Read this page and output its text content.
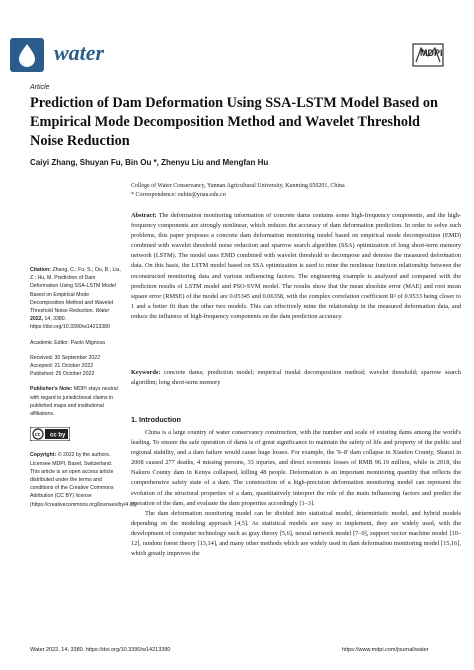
water	MDPI
Article
Prediction of Dam Deformation Using SSA-LSTM Model Based on Empirical Mode Decomposition Method and Wavelet Threshold Noise Reduction
Caiyi Zhang, Shuyan Fu, Bin Ou *, Zhenyu Liu and Mengfan Hu
College of Water Conservancy, Yunnan Agricultural University, Kunming 650201, China
* Correspondence: oubin@ynau.edu.cn
Abstract: The deformation monitoring information of concrete dams contains some high-frequency components, and the high-frequency components are strongly nonlinear, which reduces the accuracy of dam deformation prediction. In order to solve such problems, this paper proposes a concrete dam deformation monitoring model based on empirical mode decomposition (EMD) combined with wavelet threshold noise reduction and sparrow search algorithm (SSA) optimization of long short-term memory network (LSTM). The model uses EMD combined with wavelet threshold to decompose and denoise the measured deformation data. On this basis, the LSTM model based on SSA optimization is used to mine the nonlinear function relationship between the reconstructed monitoring data and various influencing factors. The engineering example is analyzed and compared with the prediction results of LSTM model and PSO-SVM model. The results show that the mean absolute error (MAE) and root mean square error (RMSE) of the model are 0.05345 and 0.06358, with the complex correlation coefficient R² of 0.9533 being closer to 1 and a better fit than the other two models. This can effectively mine the relationship in the measured deformation data, and reduce the influence of high-frequency components on the dam prediction accuracy.
Keywords: concrete dams; prediction model; empirical modal decomposition method; wavelet threshold; sparrow search algorithm; long short-term memory
Citation: Zhang, C.; Fu, S.; Ou, B.; Liu, Z.; Hu, M. Prediction of Dam Deformation Using SSA-LSTM Model Based on Empirical Mode Decomposition Method and Wavelet Threshold Noise Reduction. Water 2022, 14, 3380. https://doi.org/10.3390/w14213380
Academic Editor: Paolo Mignosa
Received: 30 September 2022
Accepted: 21 October 2022
Published: 25 October 2022
Publisher's Note: MDPI stays neutral with regard to jurisdictional claims in published maps and institutional affiliations.
cc cc by
Copyright: © 2022 by the authors. Licensee MDPI, Basel, Switzerland. This article is an open access article distributed under the terms and conditions of the Creative Commons Attribution (CC BY) license (https://creativecommons.org/licenses/by/4.0/).
1. Introduction
China is a large country of water conservancy construction, with the number and scale of existing dams among the world's leading. To ensure the safe operation of dams is of great significance to maintain the safety of life and property of the public and regional stability, and a dam failure would cause huge losses. For example, the '9–8' dam collapse in Xianfen County, Shanxi in 2008 caused 277 deaths, 4 missing persons, 33 injuries, and direct economic losses of RMB 96.19 million, while in 2018, the Nakuru County dam in Kenya collapsed, killing 48 people. Deformation is an important monitoring quantity that reflects the comprehensive safety state of a dam. The construction of a high-precision deformation monitoring model can represent the evolution of the structural properties of a dam, quantitatively interpret the role of the main influencing factors and predict the operation of the dam, and evaluate the dam properties accordingly [1–3].
The dam deformation monitoring model can be divided into statistical model, deterministic model, and hybrid models depending on the modeling approach [4,5]. As statistical models are easy to implement, they are widely used, with the development of computer technology such as gray theory [5,6], neural network model [7–9], support vector machine model [10–12], random forest theory [13,14], and many other methods which are widely used in dam deformation monitoring model [15,16], which greatly improves the
Water 2022, 14, 3380. https://doi.org/10.3390/w14213380	https://www.mdpi.com/journal/water
